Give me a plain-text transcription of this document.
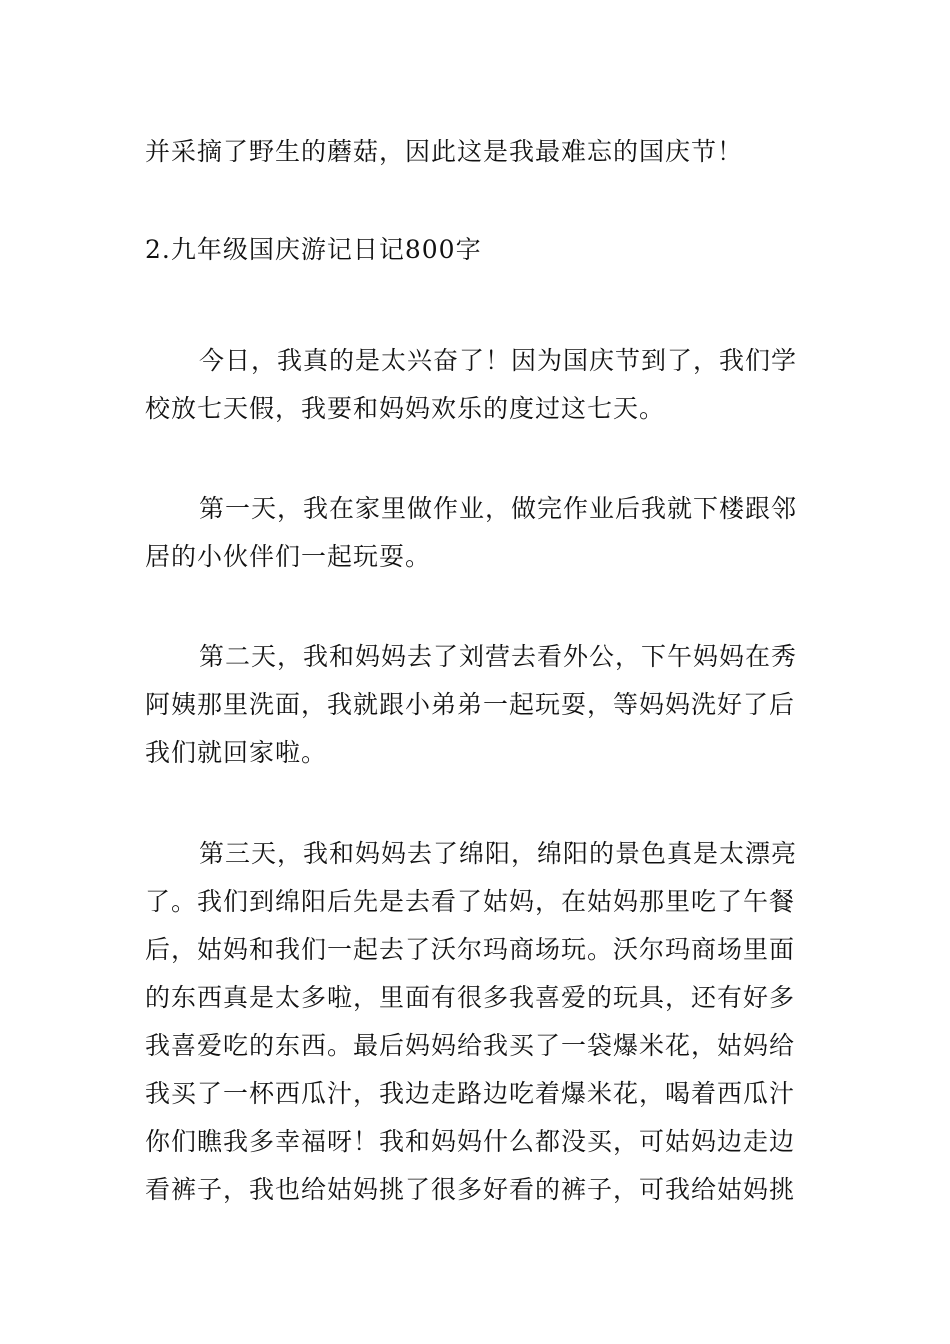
并采摘了野生的蘑菇，因此这是我最难忘的国庆节！

2.九年级国庆游记日记800字

今日，我真的是太兴奋了！因为国庆节到了，我们学校放七天假，我要和妈妈欢乐的度过这七天。

第一天，我在家里做作业，做完作业后我就下楼跟邻居的小伙伴们一起玩耍。

第二天，我和妈妈去了刘营去看外公，下午妈妈在秀阿姨那里洗面，我就跟小弟弟一起玩耍，等妈妈洗好了后我们就回家啦。

第三天，我和妈妈去了绵阳，绵阳的景色真是太漂亮了。我们到绵阳后先是去看了姑妈，在姑妈那里吃了午餐后，姑妈和我们一起去了沃尔玛商场玩。沃尔玛商场里面的东西真是太多啦，里面有很多我喜爱的玩具，还有好多我喜爱吃的东西。最后妈妈给我买了一袋爆米花，姑妈给我买了一杯西瓜汁，我边走路边吃着爆米花，喝着西瓜汁你们瞧我多幸福呀！我和妈妈什么都没买，可姑妈边走边看裤子，我也给姑妈挑了很多好看的裤子，可我给姑妈挑
